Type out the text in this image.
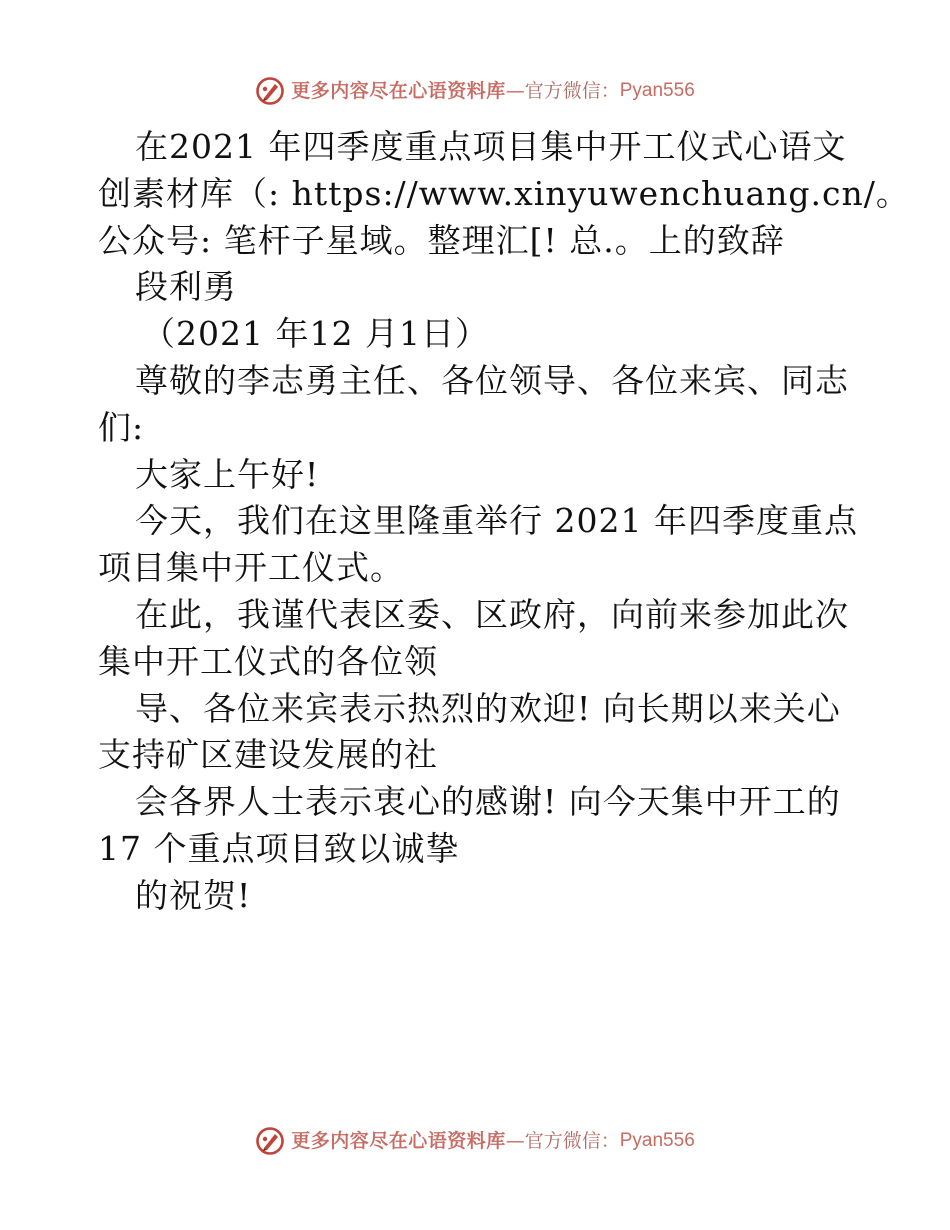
更多内容尽在心语资料库 — 官方微信： Pyan556
在2021 年四季度重点项目集中开工仪式心语文
创素材库（: https://www.xinyuwenchuang.cn/。
公众号: 笔杆子星域。整理汇[! 总.。上的致辞
段利勇
（2021 年12 月1日）
尊敬的李志勇主任、各位领导、各位来宾、同志
们:
大家上午好!
今天，我们在这里隆重举行 2021 年四季度重点
项目集中开工仪式。
在此，我谨代表区委、区政府，向前来参加此次
集中开工仪式的各位领
导、各位来宾表示热烈的欢迎! 向长期以来关心
支持矿区建设发展的社
会各界人士表示衷心的感谢! 向今天集中开工的
17 个重点项目致以诚挚
的祝贺!
更多内容尽在心语资料库 — 官方微信： Pyan556
